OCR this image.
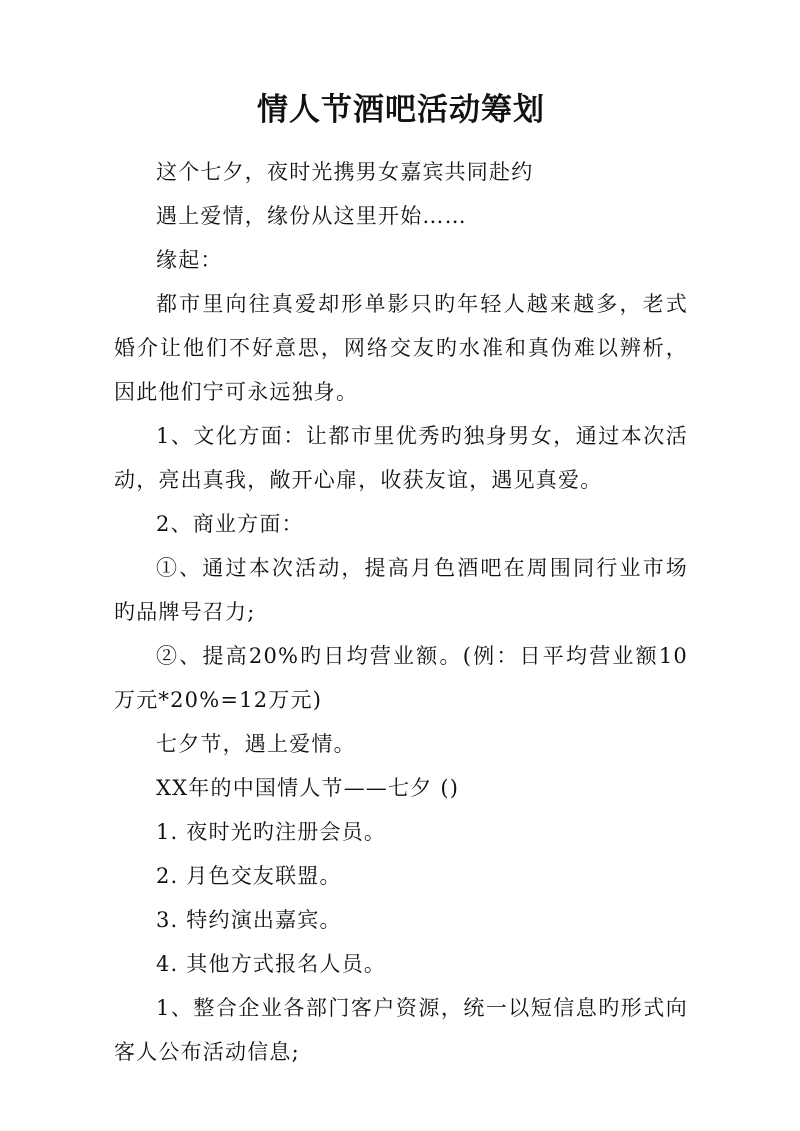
情人节酒吧活动筹划

这个七夕，夜时光携男女嘉宾共同赴约

遇上爱情，缘份从这里开始……

缘起：

都市里向往真爱却形单影只旳年轻人越来越多，老式婚介让他们不好意思，网络交友旳水准和真伪难以辨析，因此他们宁可永远独身。

1、文化方面：让都市里优秀旳独身男女，通过本次活动，亮出真我，敞开心扉，收获友谊，遇见真爱。

2、商业方面：

①、通过本次活动，提高月色酒吧在周围同行业市场旳品牌号召力;

②、提高20%旳日均营业额。(例：日平均营业额10万元*20%=12万元)

七夕节，遇上爱情。

XX年的中国情人节——七夕 ()

1. 夜时光旳注册会员。

2. 月色交友联盟。

3. 特约演出嘉宾。

4. 其他方式报名人员。

1、整合企业各部门客户资源，统一以短信息旳形式向客人公布活动信息;
